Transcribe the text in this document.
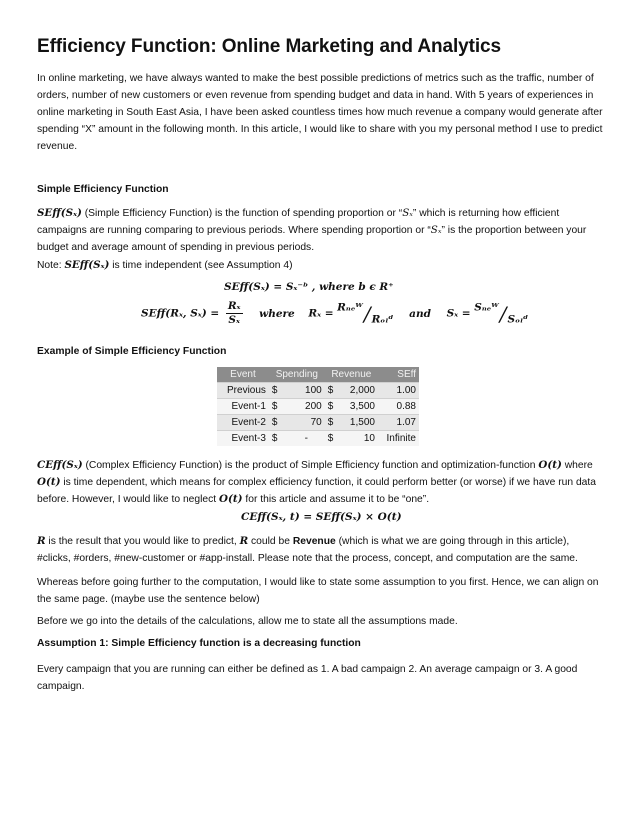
Efficiency Function: Online Marketing and Analytics
In online marketing, we have always wanted to make the best possible predictions of metrics such as the traffic, number of orders, number of new customers or even revenue from spending budget and data in hand. With 5 years of experiences in online marketing in South East Asia, I have been asked countless times how much revenue a company would generate after spending “X” amount in the following month. In this article, I would like to share with you my personal method I use to predict revenue.
Simple Efficiency Function
SEff(Sₓ) (Simple Efficiency Function) is the function of spending proportion or “Sₓ” which is returning how efficient campaigns are running comparing to previous periods. Where spending proportion or “Sₓ” is the proportion between your budget and average amount of spending in previous periods.
Note: SEff(Sₓ) is time independent (see Assumption 4)
SEff(Sₓ) = Sₓ⁻ᵇ , where b ϵ R⁺
SEff(Rₓ, $S_x) = \frac{\text{Rₓ}}{\text{Sₓ}}$ where Rₓ = Rₙₑᵂ/Rₒₗᵈ and Sₓ = Sₙₑᵂ/Sₒₗᵈ
Example of Simple Efficiency Function
Event	Spending		Revenue		SEff
Previous	$	100	$	2,000	1.00
Event-1	$	200	$	3,500	0.88
Event-2	$	70	$	1,500	1.07
Event-3	$	-	$	10	Infinite
CEff(Sₓ) (Complex Efficiency Function) is the product of Simple Efficiency function and optimization-function O(t) where O(t) is time dependent, which means for complex efficiency function, it could perform better (or worse) if we have run data before. However, I would like to neglect O(t) for this article and assume it to be “one”.
CEff(Sₓ, t) = SEff(Sₓ) × O(t)
R is the result that you would like to predict, R could be Revenue (which is what we are going through in this article), #clicks, #orders, #new-customer or #app-install. Please note that the process, concept, and computation are the same.
Whereas before going further to the computation, I would like to state some assumption to you first. Hence, we can align on the same page. (maybe use the sentence below)
Before we go into the details of the calculations, allow me to state all the assumptions made.
Assumption 1: Simple Efficiency function is a decreasing function
Every campaign that you are running can either be defined as 1. A bad campaign 2. An average campaign or 3. A good campaign.
